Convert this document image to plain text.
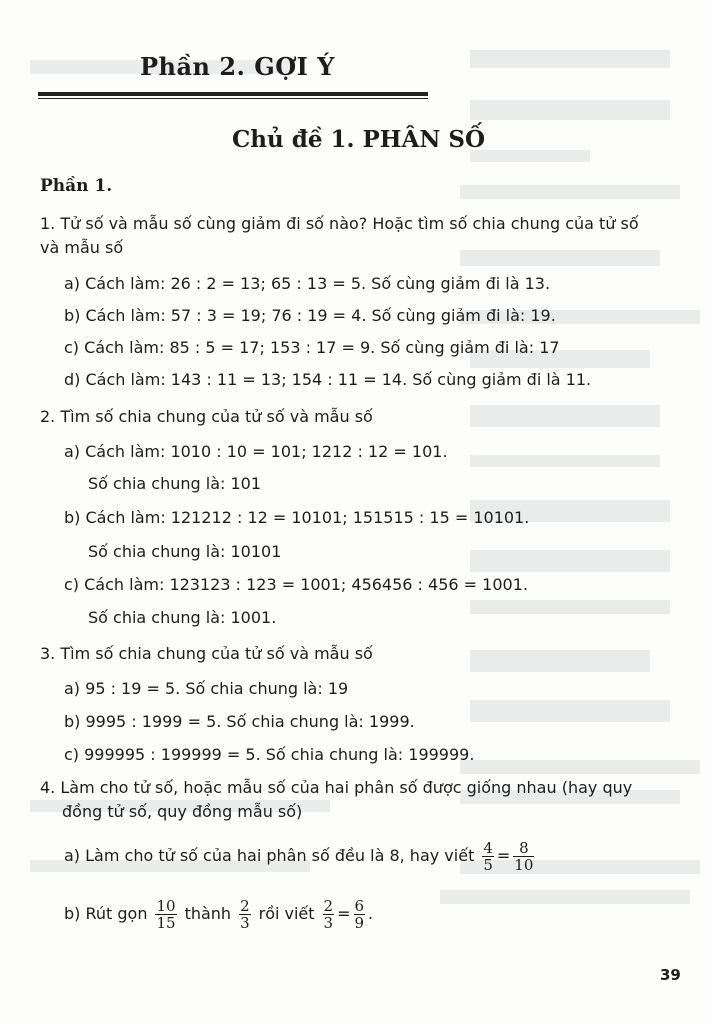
Phần 2. GỢI Ý
Chủ đề 1. PHÂN SỐ
Phần 1.
1. Tử số và mẫu số cùng giảm đi số nào? Hoặc tìm số chia chung của tử số
và mẫu số
a) Cách làm: 26 : 2 = 13; 65 : 13 = 5. Số cùng giảm đi là 13.
b) Cách làm: 57 : 3 = 19; 76 : 19 = 4. Số cùng giảm đi là: 19.
c) Cách làm: 85 : 5 = 17; 153 : 17 = 9. Số cùng giảm đi là: 17
d) Cách làm: 143 : 11 = 13; 154 : 11 = 14. Số cùng giảm đi là 11.
2. Tìm số chia chung của tử số và mẫu số
a) Cách làm: 1010 : 10 = 101; 1212 : 12 = 101.
Số chia chung là: 101
b) Cách làm: 121212 : 12 = 10101; 151515 : 15 = 10101.
Số chia chung là: 10101
c) Cách làm: 123123 : 123 = 1001; 456456 : 456 = 1001.
Số chia chung là: 1001.
3. Tìm số chia chung của tử số và mẫu số
a) 95 : 19 = 5. Số chia chung là: 19
b) 9995 : 1999 = 5. Số chia chung là: 1999.
c) 999995 : 199999 = 5. Số chia chung là: 199999.
4. Làm cho tử số, hoặc mẫu số của hai phân số được giống nhau (hay quy
đồng tử số, quy đồng mẫu số)
a) Làm cho tử số của hai phân số đều là 8, hay viết $\frac{4}{5} = \frac{8}{10}$
b) Rút gọn $\frac{10}{15}$ thành $\frac{2}{3}$ rồi viết $\frac{2}{3} = \frac{6}{9}$ .
39
